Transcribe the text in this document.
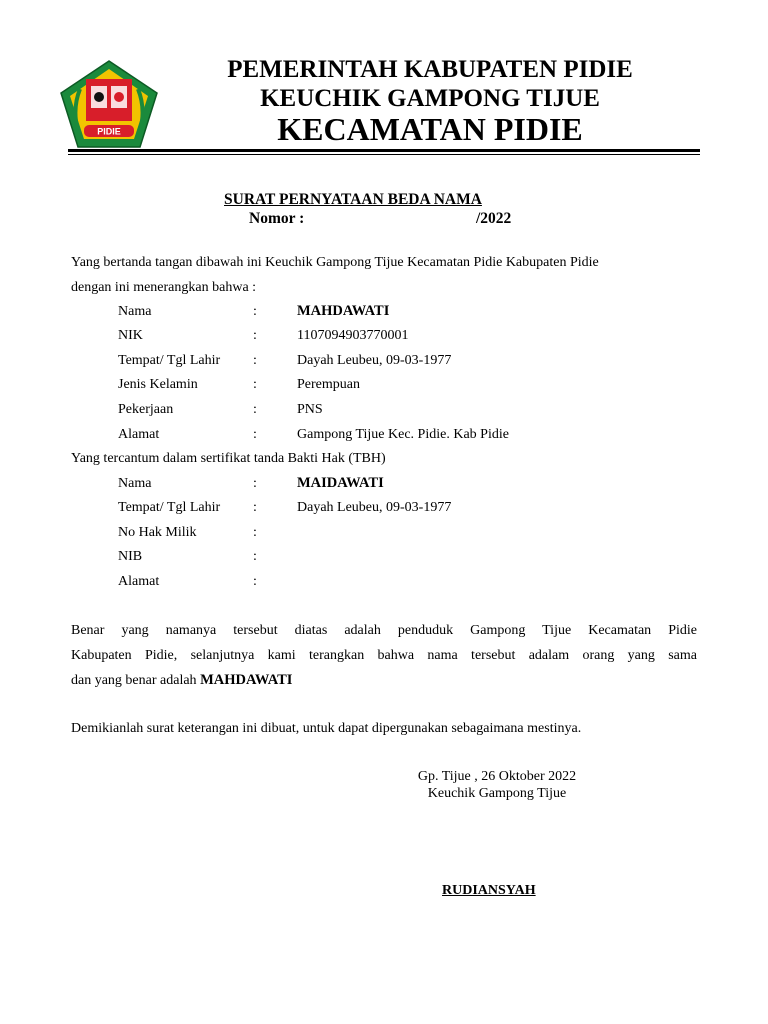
PIDIE
PEMERINTAH KABUPATEN PIDIE
KEUCHIK GAMPONG TIJUE
KECAMATAN PIDIE
SURAT PERNYATAAN BEDA NAMA
Nomor :	/2022
Yang bertanda tangan dibawah ini Keuchik Gampong Tijue Kecamatan Pidie Kabupaten Pidie
dengan ini menerangkan bahwa :
Nama	:	MAHDAWATI
NIK	:	1107094903770001
Tempat/ Tgl Lahir :	Dayah Leubeu, 09-03-1977
Jenis Kelamin	:	Perempuan
Pekerjaan	:	PNS
Alamat	:	Gampong Tijue Kec. Pidie. Kab Pidie
Yang tercantum dalam sertifikat tanda Bakti Hak (TBH)
Nama	:	MAIDAWATI
Tempat/ Tgl Lahir :	Dayah Leubeu, 09-03-1977
No Hak Milik	:
NIB	:
Alamat	:
Benar yang namanya tersebut diatas adalah penduduk Gampong Tijue Kecamatan Pidie
Kabupaten Pidie, selanjutnya kami terangkan bahwa nama tersebut adalam orang yang sama
dan yang benar adalah MAHDAWATI
Demikianlah surat keterangan ini dibuat, untuk dapat dipergunakan sebagaimana mestinya.
Gp. Tijue , 26 Oktober 2022
Keuchik Gampong Tijue
RUDIANSYAH
